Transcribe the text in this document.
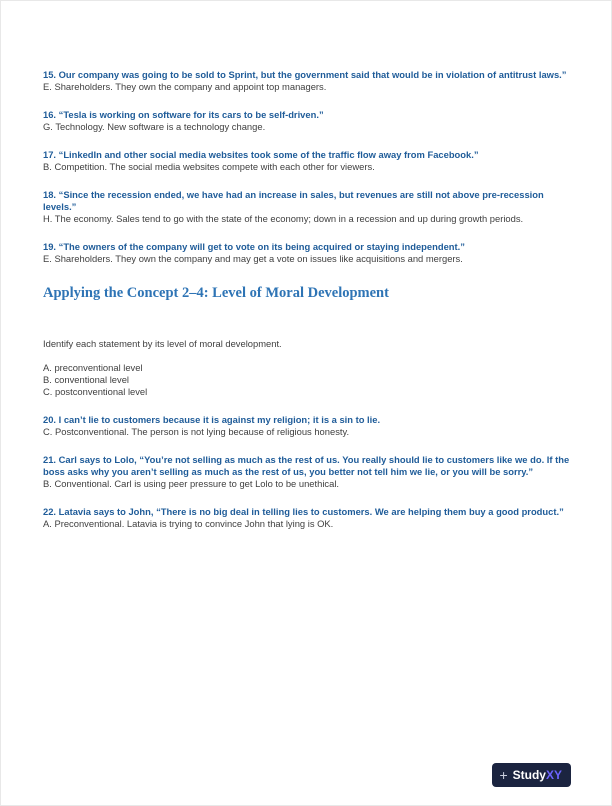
15. Our company was going to be sold to Sprint, but the government said that would be in violation of antitrust laws.”

E. Shareholders. They own the company and appoint top managers.

16. “Tesla is working on software for its cars to be self-driven.”

G. Technology. New software is a technology change.

17. “LinkedIn and other social media websites took some of the traffic flow away from Facebook.”

B. Competition. The social media websites compete with each other for viewers.

18. “Since the recession ended, we have had an increase in sales, but revenues are still not above pre-recession levels.”

H. The economy. Sales tend to go with the state of the economy; down in a recession and up during growth periods.

19. “The owners of the company will get to vote on its being acquired or staying independent.”

E. Shareholders. They own the company and may get a vote on issues like acquisitions and mergers.

Applying the Concept 2–4: Level of Moral Development

Identify each statement by its level of moral development.

A. preconventional level

B. conventional level

C. postconventional level

20. I can’t lie to customers because it is against my religion; it is a sin to lie.

C. Postconventional. The person is not lying because of religious honesty.

21. Carl says to Lolo, “You’re not selling as much as the rest of us. You really should lie to customers like we do. If the boss asks why you aren’t selling as much as the rest of us, you better not tell him we lie, or you will be sorry.”

B. Conventional. Carl is using peer pressure to get Lolo to be unethical.

22. Latavia says to John, “There is no big deal in telling lies to customers. We are helping them buy a good product.”

A. Preconventional. Latavia is trying to convince John that lying is OK.

+ StudyXY
